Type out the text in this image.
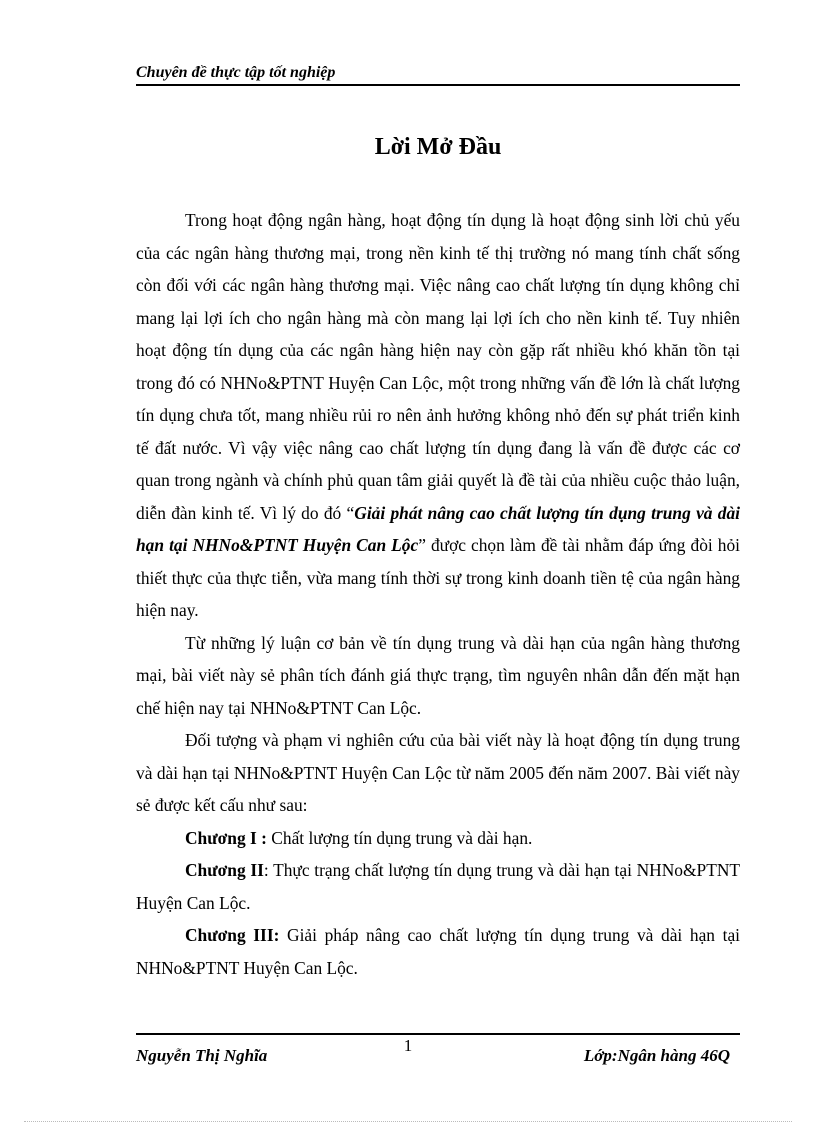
Chuyên đề thực tập tốt nghiệp
Lời Mở Đầu

Trong hoạt động ngân hàng, hoạt động tín dụng là hoạt động sinh lời chủ yếu của các ngân hàng thương mại, trong nền kinh tế thị trường nó mang tính chất sống còn đối với các ngân hàng thương mại. Việc nâng cao chất lượng tín dụng không chỉ mang lại lợi ích cho ngân hàng mà còn mang lại lợi ích cho nền kinh tế. Tuy nhiên hoạt động tín dụng của các ngân hàng hiện nay còn gặp rất nhiều khó khăn tồn tại trong đó có NHNo&PTNT Huyện Can Lộc, một trong những vấn đề lớn là chất lượng tín dụng chưa tốt, mang nhiều rủi ro nên ảnh hưởng không nhỏ đến sự phát triển kinh tế đất nước. Vì vậy việc nâng cao chất lượng tín dụng đang là vấn đề được các cơ quan trong ngành và chính phủ quan tâm giải quyết là đề tài của nhiều cuộc thảo luận, diễn đàn kinh tế. Vì lý do đó “Giải phát nâng cao chất lượng tín dụng trung và dài hạn tại NHNo&PTNT Huyện Can Lộc” được chọn làm đề tài nhằm đáp ứng đòi hỏi thiết thực của thực tiễn, vừa mang tính thời sự trong kinh doanh tiền tệ của ngân hàng hiện nay.

Từ những lý luận cơ bản về tín dụng trung và dài hạn của ngân hàng thương mại, bài viết này sẻ phân tích đánh giá thực trạng, tìm nguyên nhân dẫn đến mặt hạn chế hiện nay tại NHNo&PTNT Can Lộc.

Đối tượng và phạm vi nghiên cứu của bài viết này là hoạt động tín dụng trung và dài hạn tại NHNo&PTNT Huyện Can Lộc từ năm 2005 đến năm 2007. Bài viết này sẻ được kết cấu như sau:

Chương I : Chất lượng tín dụng trung và dài hạn.

Chương II: Thực trạng chất lượng tín dụng trung và dài hạn tại NHNo&PTNT Huyện Can Lộc.

Chương III: Giải pháp nâng cao chất lượng tín dụng trung và dài hạn tại NHNo&PTNT Huyện Can Lộc.

1
Nguyễn Thị Nghĩa	Lớp:Ngân hàng 46Q
